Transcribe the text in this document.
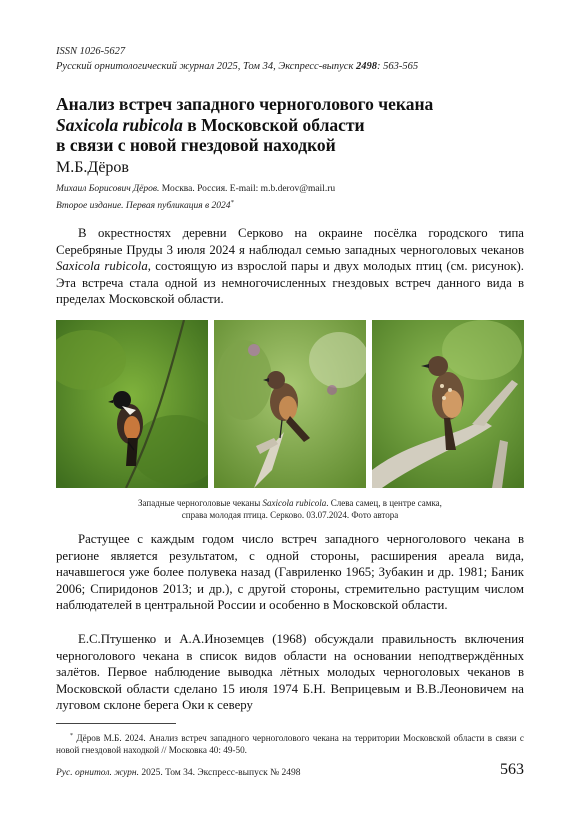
ISSN 1026-5627
Русский орнитологический журнал 2025, Том 34, Экспресс-выпуск 2498: 563-565
Анализ встреч западного черноголового чекана
Saxicola rubicola в Московской области
в связи с новой гнездовой находкой
М.Б.Дёров
Михаил Борисович Дёров. Москва. Россия. E-mail: m.b.derov@mail.ru
Второе издание. Первая публикация в 2024*
В окрестностях деревни Серково на окраине посёлка городского типа Серебряные Пруды 3 июля 2024 я наблюдал семью западных черноголовых чеканов Saxicola rubicola, состоящую из взрослой пары и двух молодых птиц (см. рисунок). Эта встреча стала одной из немногочисленных гнездовых встреч данного вида в пределах Московской области.
Западные черноголовые чеканы Saxicola rubicola. Слева самец, в центре самка,
справа молодая птица. Серково. 03.07.2024. Фото автора
Растущее с каждым годом число встреч западного черноголового чекана в регионе является результатом, с одной стороны, расширения ареала вида, начавшегося уже более полувека назад (Гавриленко 1965; Зубакин и др. 1981; Баник 2006; Спиридонов 2013; и др.), с другой стороны, стремительно растущим числом наблюдателей в центральной России и особенно в Московской области.
Е.С.Птушенко и А.А.Иноземцев (1968) обсуждали правильность включения черноголового чекана в список видов области на основании неподтверждённых залётов. Первое наблюдение выводка лётных молодых черноголовых чеканов в Московской области сделано 15 июля 1974 Б.Н. Веприцевым и В.В.Леоновичем на луговом склоне берега Оки к северу
* Дёров М.Б. 2024. Анализ встреч западного черноголового чекана на территории Московской области в связи с новой гнездовой находкой // Московка 40: 49-50.
Рус. орнитол. журн. 2025. Том 34. Экспресс-выпуск № 2498	563
